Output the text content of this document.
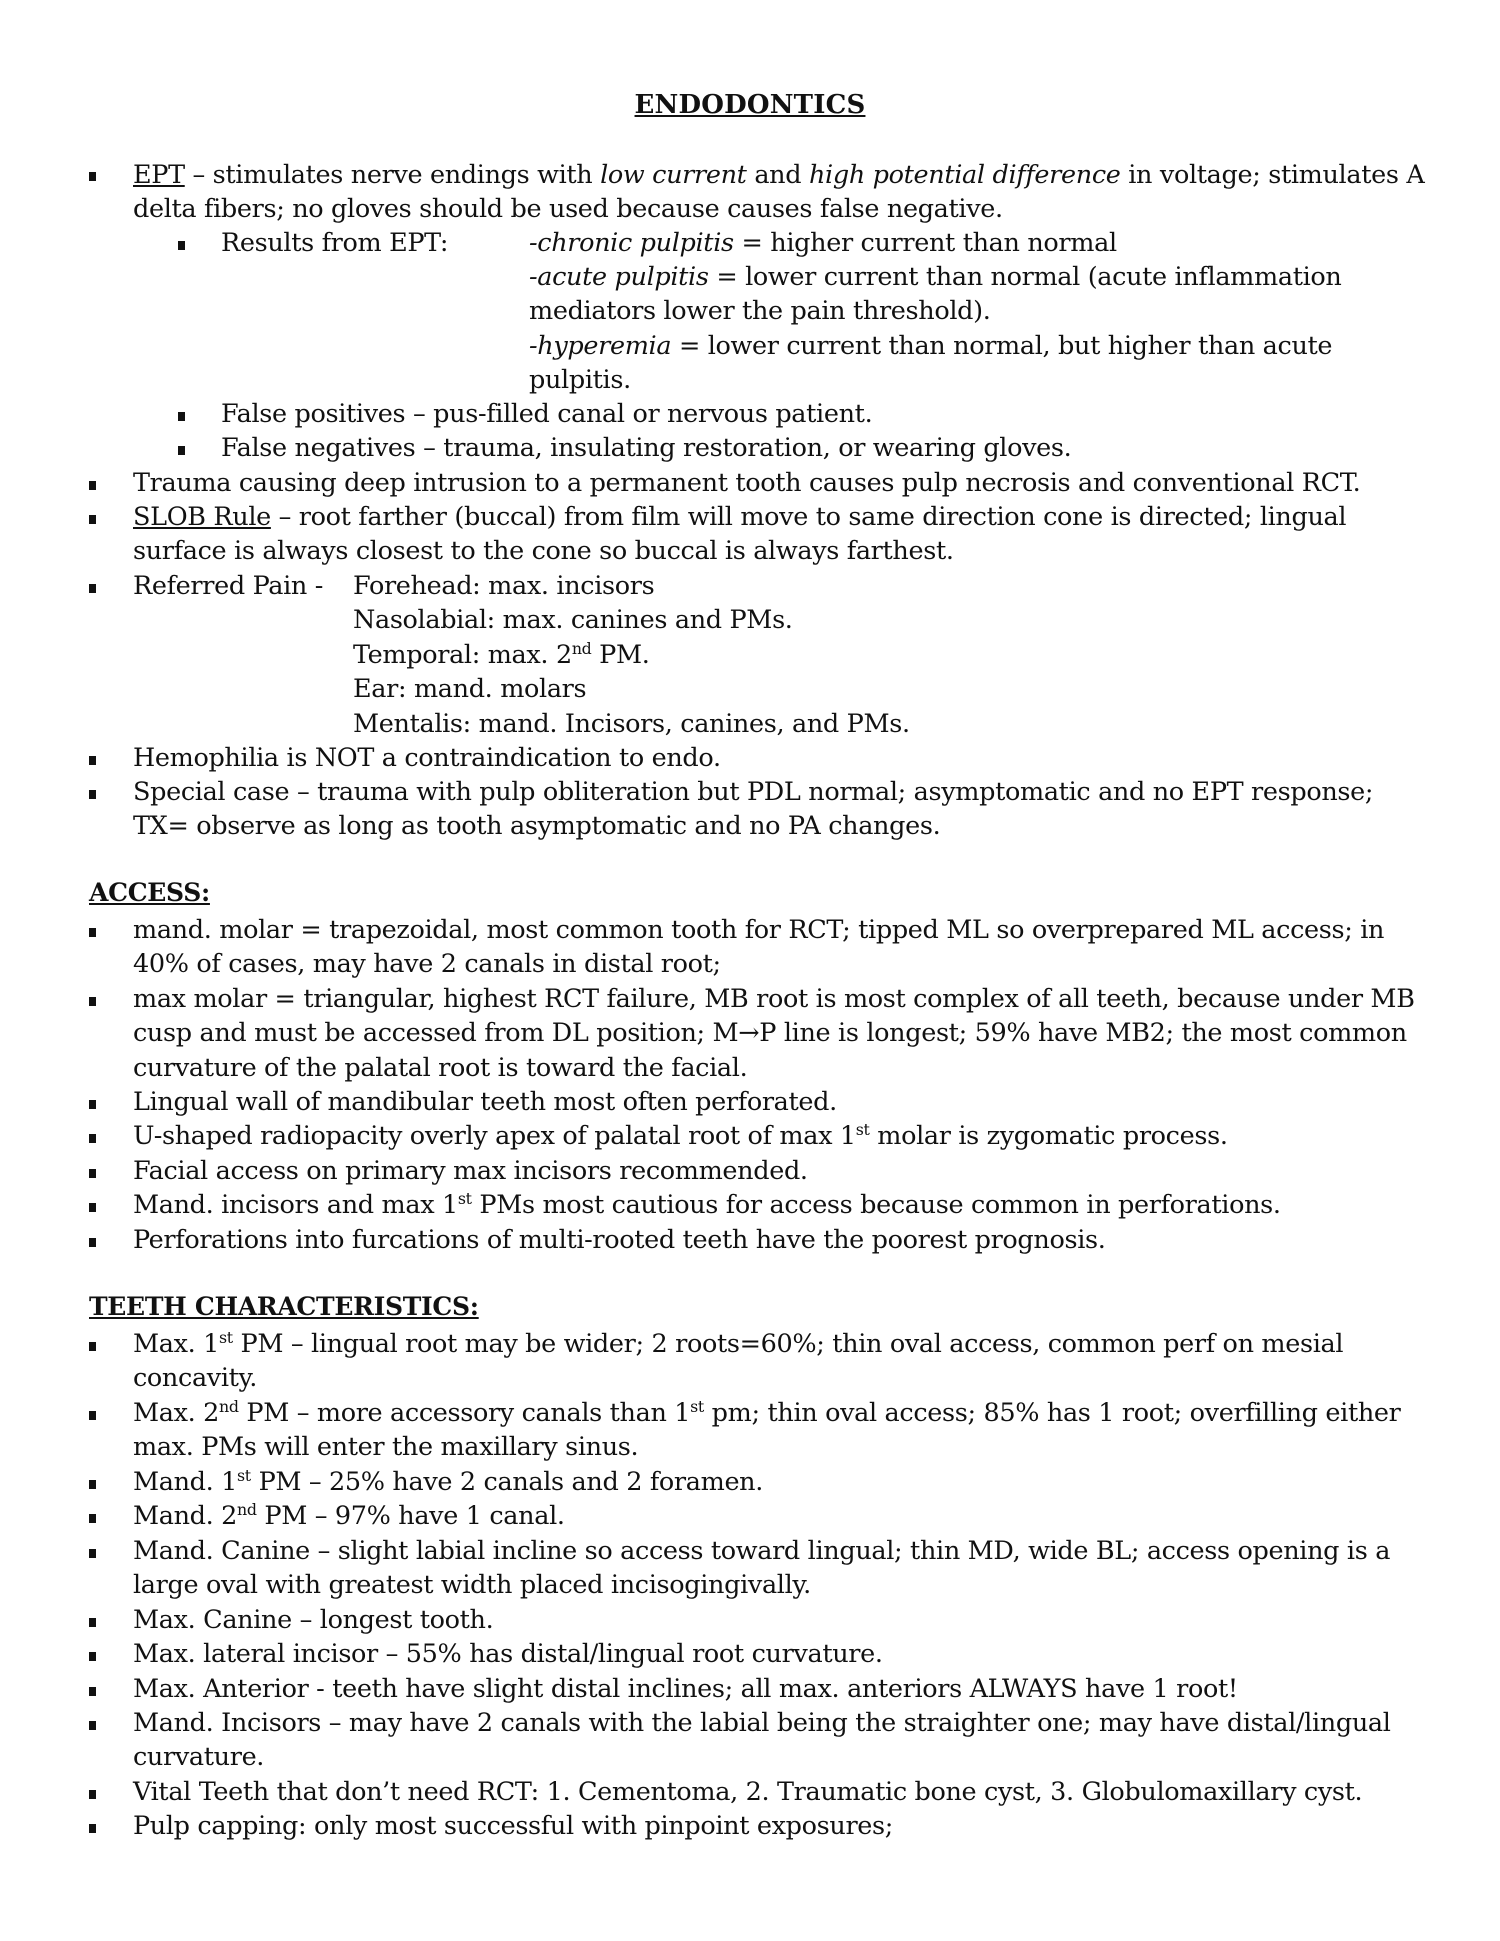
ENDODONTICS
EPT – stimulates nerve endings with low current and high potential difference in voltage; stimulates A
delta fibers; no gloves should be used because causes false negative.
Results from EPT:	-chronic pulpitis = higher current than normal
-acute pulpitis = lower current than normal (acute inflammation
mediators lower the pain threshold).
-hyperemia = lower current than normal, but higher than acute
pulpitis.
False positives – pus-filled canal or nervous patient.
False negatives – trauma, insulating restoration, or wearing gloves.
Trauma causing deep intrusion to a permanent tooth causes pulp necrosis and conventional RCT.
SLOB Rule – root farther (buccal) from film will move to same direction cone is directed; lingual
surface is always closest to the cone so buccal is always farthest.
Referred Pain - Forehead: max. incisors
Nasolabial: max. canines and PMs.
Temporal: max. 2nd PM.
Ear: mand. molars
Mentalis: mand. Incisors, canines, and PMs.
Hemophilia is NOT a contraindication to endo.
Special case – trauma with pulp obliteration but PDL normal; asymptomatic and no EPT response;
TX= observe as long as tooth asymptomatic and no PA changes.
ACCESS:
mand. molar = trapezoidal, most common tooth for RCT; tipped ML so overprepared ML access; in
40% of cases, may have 2 canals in distal root;
max molar = triangular, highest RCT failure, MB root is most complex of all teeth, because under MB
cusp and must be accessed from DL position; M→P line is longest; 59% have MB2; the most common
curvature of the palatal root is toward the facial.
Lingual wall of mandibular teeth most often perforated.
U-shaped radiopacity overly apex of palatal root of max 1st molar is zygomatic process.
Facial access on primary max incisors recommended.
Mand. incisors and max 1st PMs most cautious for access because common in perforations.
Perforations into furcations of multi-rooted teeth have the poorest prognosis.
TEETH CHARACTERISTICS:
Max. 1st PM – lingual root may be wider; 2 roots=60%; thin oval access, common perf on mesial
concavity.
Max. 2nd PM – more accessory canals than 1st pm; thin oval access; 85% has 1 root; overfilling either
max. PMs will enter the maxillary sinus.
Mand. 1st PM – 25% have 2 canals and 2 foramen.
Mand. 2nd PM – 97% have 1 canal.
Mand. Canine – slight labial incline so access toward lingual; thin MD, wide BL; access opening is a
large oval with greatest width placed incisogingivally.
Max. Canine – longest tooth.
Max. lateral incisor – 55% has distal/lingual root curvature.
Max. Anterior - teeth have slight distal inclines; all max. anteriors ALWAYS have 1 root!
Mand. Incisors – may have 2 canals with the labial being the straighter one; may have distal/lingual
curvature.
Vital Teeth that don’t need RCT: 1. Cementoma, 2. Traumatic bone cyst, 3. Globulomaxillary cyst.
Pulp capping: only most successful with pinpoint exposures;
